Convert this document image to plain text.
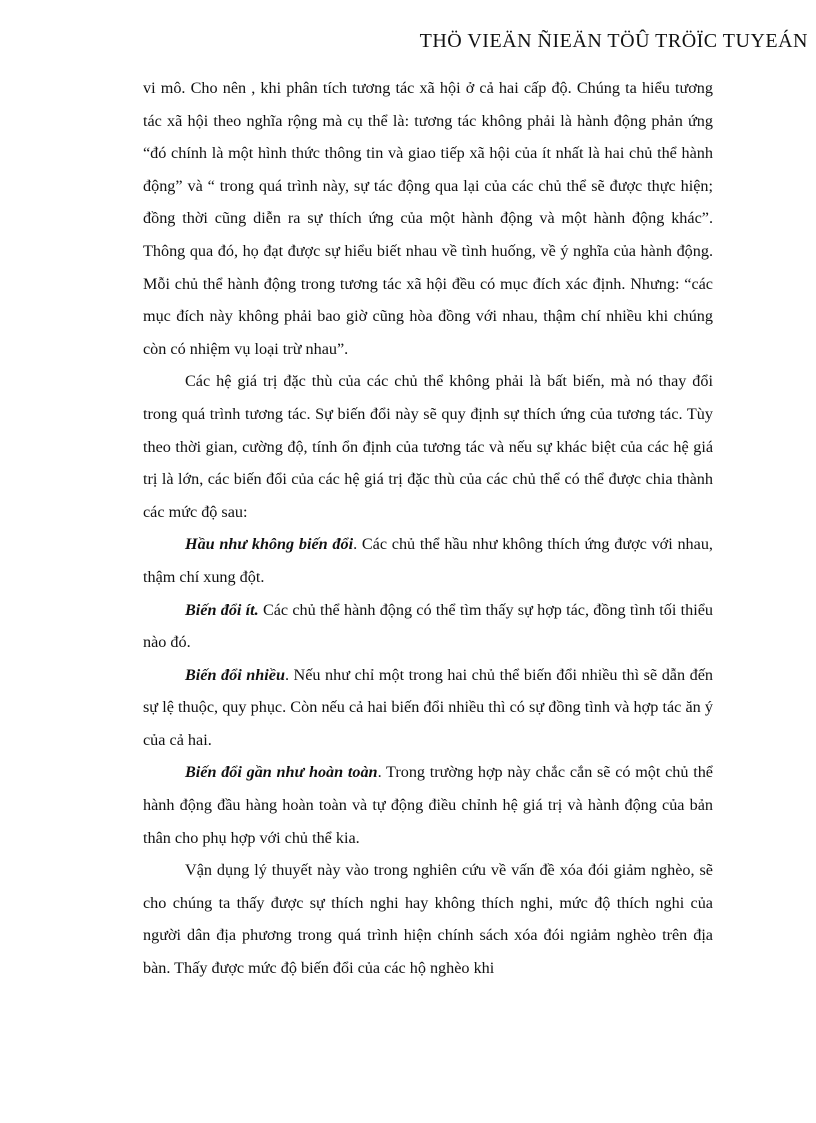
THÖ VIEÄN ÑIEÄN TÖÛ TRÖÏC TUYEÁN

vi mô. Cho nên , khi phân tích tương tác xã hội ở cả hai cấp độ. Chúng ta hiểu tương tác xã hội theo nghĩa rộng mà cụ thể là: tương tác không phải là hành động phản ứng “đó chính là một hình thức thông tin và giao tiếp xã hội của ít nhất là hai chủ thể hành động” và “ trong quá trình này, sự tác động qua lại của các chủ thể sẽ được thực hiện; đồng thời cũng diễn ra sự thích ứng của một hành động và một hành động khác”. Thông qua đó, họ đạt được sự hiểu biết nhau về tình huống, về ý nghĩa của hành động. Mỗi chủ thể hành động trong tương tác xã hội đều có mục đích xác định. Nhưng: “các mục đích này không phải bao giờ cũng hòa đồng với nhau, thậm chí nhiều khi chúng còn có nhiệm vụ loại trừ nhau”.

Các hệ giá trị đặc thù của các chủ thể không phải là bất biến, mà nó thay đổi trong quá trình tương tác. Sự biến đổi này sẽ quy định sự thích ứng của tương tác. Tùy theo thời gian, cường độ, tính ổn định của tương tác và nếu sự khác biệt của các hệ giá trị là lớn, các biến đổi của các hệ giá trị đặc thù của các chủ thể có thể được chia thành các mức độ sau:

Hầu như không biến đổi. Các chủ thể hầu như không thích ứng được với nhau, thậm chí xung đột.

Biến đổi ít. Các chủ thể hành động có thể tìm thấy sự hợp tác, đồng tình tối thiểu nào đó.

Biến đổi nhiều. Nếu như chỉ một trong hai chủ thể biến đổi nhiều thì sẽ dẫn đến sự lệ thuộc, quy phục. Còn nếu cả hai biến đổi nhiều thì có sự đồng tình và hợp tác ăn ý của cả hai.

Biến đổi gần như hoàn toàn. Trong trường hợp này chắc cắn sẽ có một chủ thể hành động đầu hàng hoàn toàn và tự động điều chỉnh hệ giá trị và hành động của bản thân cho phụ hợp với chủ thể kia.

Vận dụng lý thuyết này vào trong nghiên cứu về vấn đề xóa đói giảm nghèo, sẽ cho chúng ta thấy được sự thích nghi hay không thích nghi, mức độ thích nghi của người dân địa phương trong quá trình hiện chính sách xóa đói ngiảm nghèo trên địa bàn. Thấy được mức độ biến đổi của các hộ nghèo khi
